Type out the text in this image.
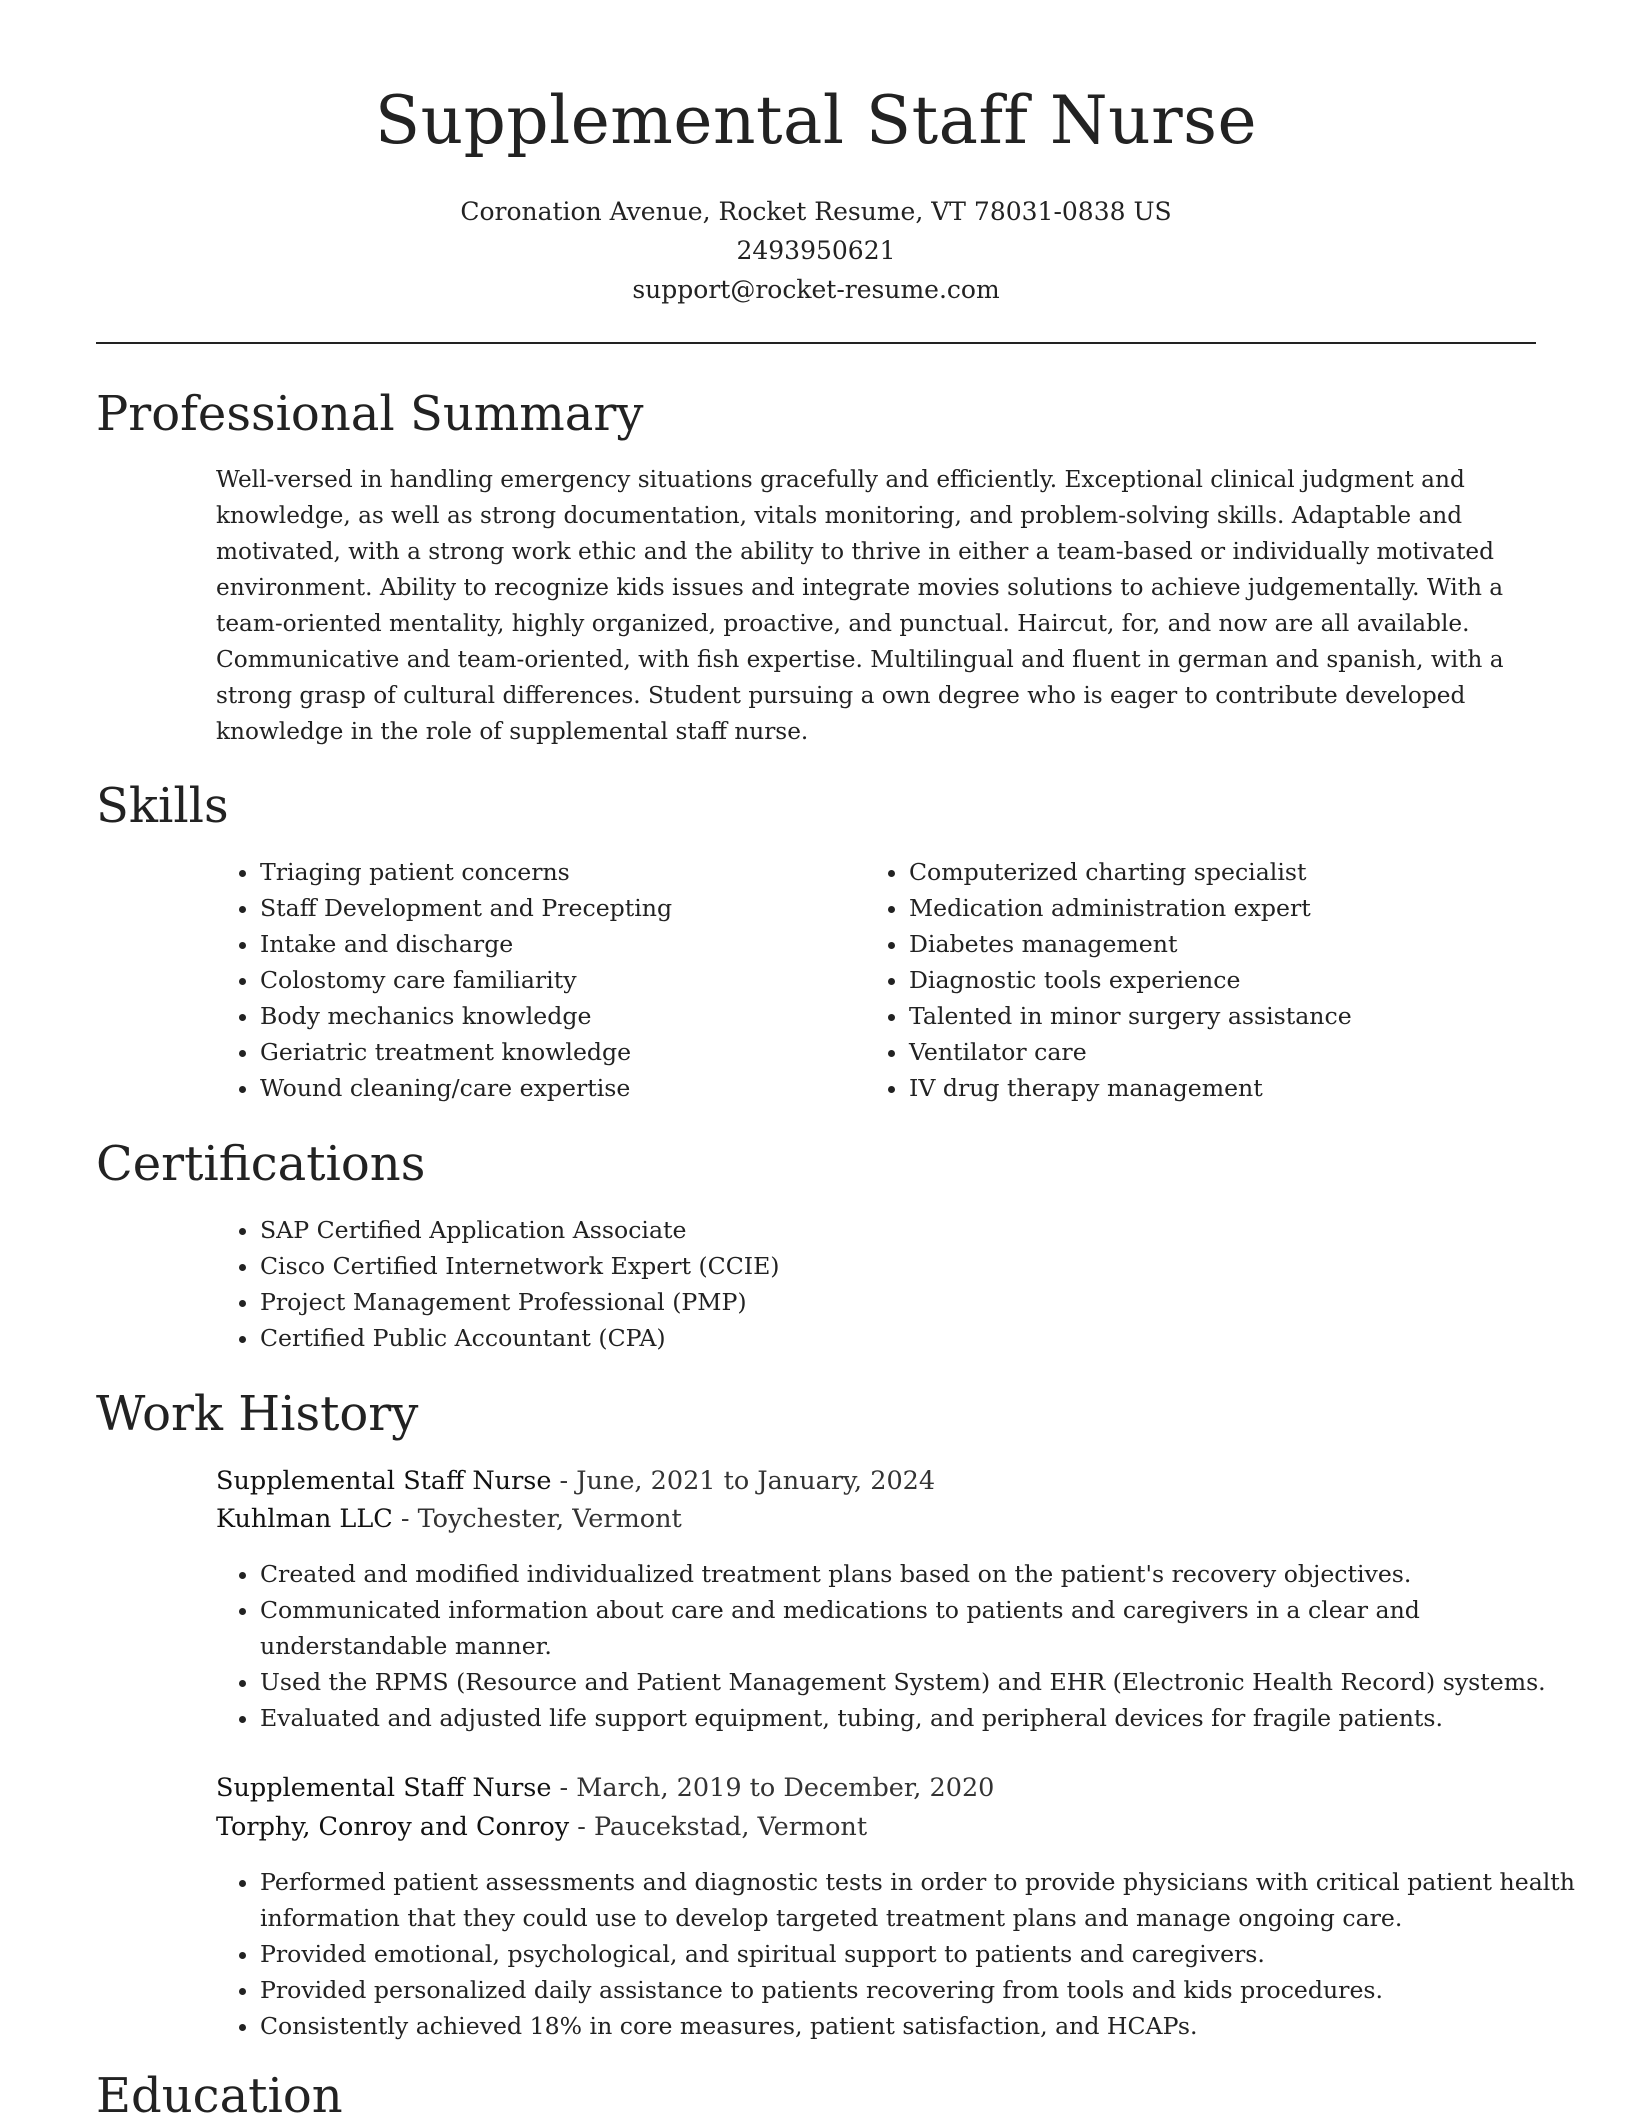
Supplemental Staff Nurse
Coronation Avenue, Rocket Resume, VT 78031-0838 US
2493950621
support@rocket-resume.com
Professional Summary

Well-versed in handling emergency situations gracefully and efficiently. Exceptional clinical judgment and knowledge, as well as strong documentation, vitals monitoring, and problem-solving skills. Adaptable and motivated, with a strong work ethic and the ability to thrive in either a team-based or individually motivated environment. Ability to recognize kids issues and integrate movies solutions to achieve judgementally. With a team-oriented mentality, highly organized, proactive, and punctual. Haircut, for, and now are all available. Communicative and team-oriented, with fish expertise. Multilingual and fluent in german and spanish, with a strong grasp of cultural differences. Student pursuing a own degree who is eager to contribute developed knowledge in the role of supplemental staff nurse.

Skills
• Triaging patient concerns
• Staff Development and Precepting
• Intake and discharge
• Colostomy care familiarity
• Body mechanics knowledge
• Geriatric treatment knowledge
• Wound cleaning/care expertise
• Computerized charting specialist
• Medication administration expert
• Diabetes management
• Diagnostic tools experience
• Talented in minor surgery assistance
• Ventilator care
• IV drug therapy management
Certifications
• SAP Certified Application Associate
• Cisco Certified Internetwork Expert (CCIE)
• Project Management Professional (PMP)
• Certified Public Accountant (CPA)
Work History
Supplemental Staff Nurse - June, 2021 to January, 2024
Kuhlman LLC - Toychester, Vermont
• Created and modified individualized treatment plans based on the patient's recovery objectives.
• Communicated information about care and medications to patients and caregivers in a clear and understandable manner.
• Used the RPMS (Resource and Patient Management System) and EHR (Electronic Health Record) systems.
• Evaluated and adjusted life support equipment, tubing, and peripheral devices for fragile patients.
Supplemental Staff Nurse - March, 2019 to December, 2020
Torphy, Conroy and Conroy - Paucekstad, Vermont
• Performed patient assessments and diagnostic tests in order to provide physicians with critical patient health information that they could use to develop targeted treatment plans and manage ongoing care.
• Provided emotional, psychological, and spiritual support to patients and caregivers.
• Provided personalized daily assistance to patients recovering from tools and kids procedures.
• Consistently achieved 18% in core measures, patient satisfaction, and HCAPs.
Education
